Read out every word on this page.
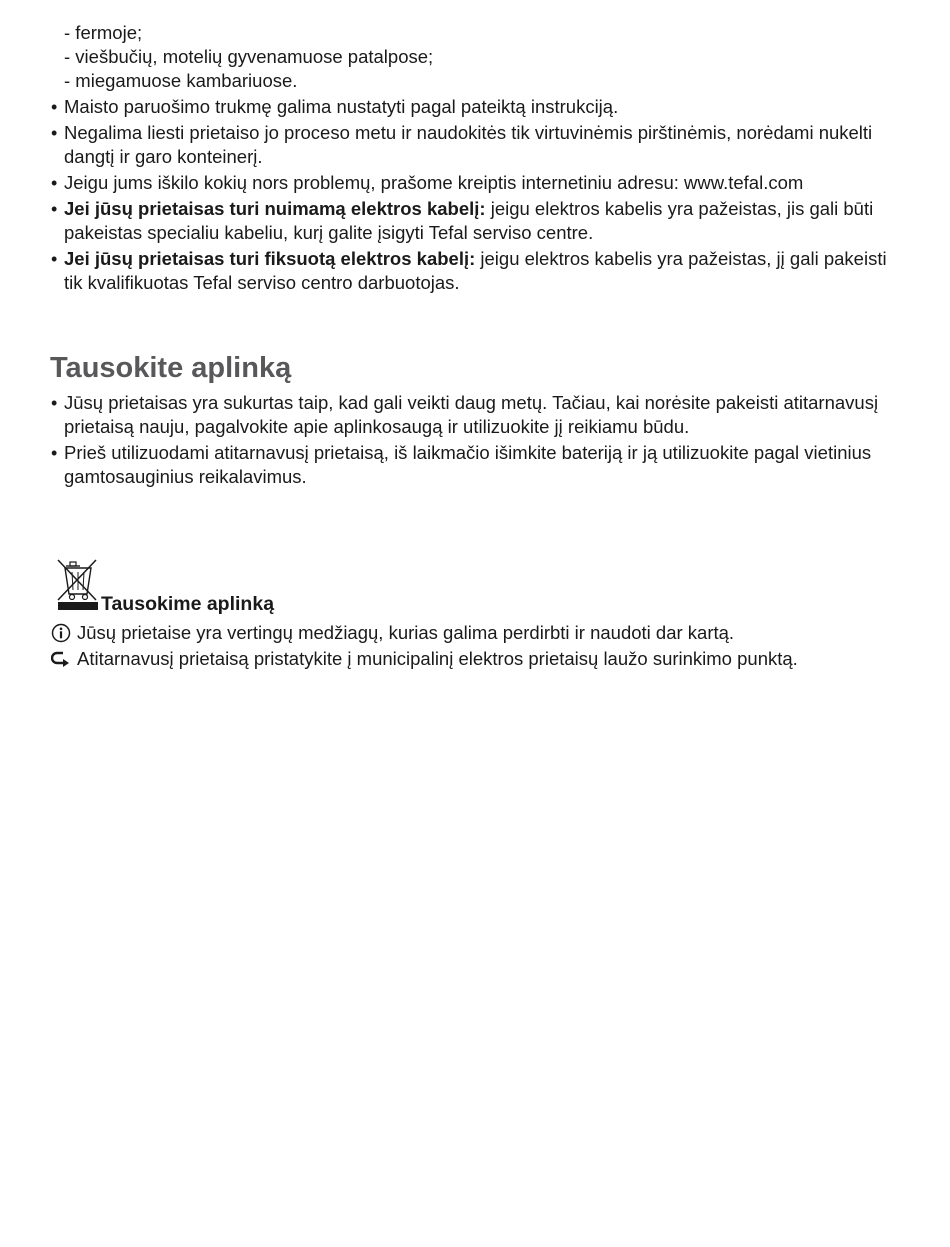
- fermoje;
- viešbučių, motelių gyvenamuose patalpose;
- miegamuose kambariuose.
• Maisto paruošimo trukmę galima nustatyti pagal pateiktą instrukciją.
• Negalima liesti prietaiso jo proceso metu ir naudokitės tik virtuvinėmis pirštinėmis, norėdami nukelti dangtį ir garo konteinerį.
• Jeigu jums iškilo kokių nors problemų, prašome kreiptis internetiniu adresu: www.tefal.com
• Jei jūsų prietaisas turi nuimamą elektros kabelį: jeigu elektros kabelis yra pažeistas, jis gali būti pakeistas specialiu kabeliu, kurį galite įsigyti Tefal serviso centre.
• Jei jūsų prietaisas turi fiksuotą elektros kabelį: jeigu elektros kabelis yra pažeistas, jį gali pakeisti tik kvalifikuotas Tefal serviso centro darbuotojas.
Tausokite aplinką
• Jūsų prietaisas yra sukurtas taip, kad gali veikti daug metų. Tačiau, kai norėsite pakeisti atitarnavusį prietaisą nauju, pagalvokite apie aplinkosaugą ir utilizuokite jį reikiamu būdu.
• Prieš utilizuodami atitarnavusį prietaisą, iš laikmačio išimkite bateriją ir ją utilizuokite pagal vietinius gamtosauginius reikalavimus.
Tausokime aplinką
Jūsų prietaise yra vertingų medžiagų, kurias galima perdirbti ir naudoti dar kartą.
Atitarnavusį prietaisą pristatykite į municipalinį elektros prietaisų laužo surinkimo punktą.
